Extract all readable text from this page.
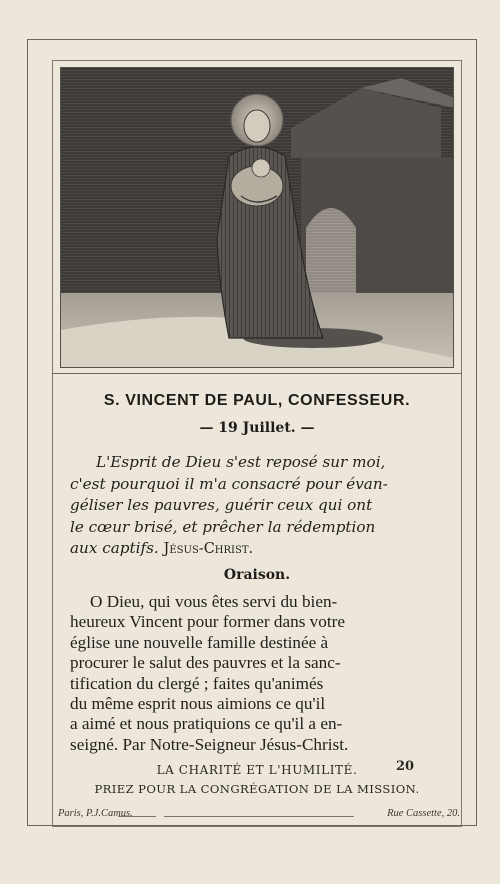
S. VINCENT DE PAUL, CONFESSEUR.
— 19 Juillet. —
L'Esprit de Dieu s'est reposé sur moi,
c'est pourquoi il m'a consacré pour évan-
géliser les pauvres, guérir ceux qui ont
le cœur brisé, et prêcher la rédemption
aux captifs. Jésus-Christ.
Oraison.
O Dieu, qui vous êtes servi du bien-
heureux Vincent pour former dans votre
église une nouvelle famille destinée à
procurer le salut des pauvres et la sanc-
tification du clergé ; faites qu'animés
du même esprit nous aimions ce qu'il
a aimé et nous pratiquions ce qu'il a en-
seigné. Par Notre-Seigneur Jésus-Christ.
LA CHARITÉ ET L'HUMILITÉ.	20
PRIEZ POUR LA CONGRÉGATION DE LA MISSION.
Paris, P.J.Camus.	Rue Cassette, 20.
